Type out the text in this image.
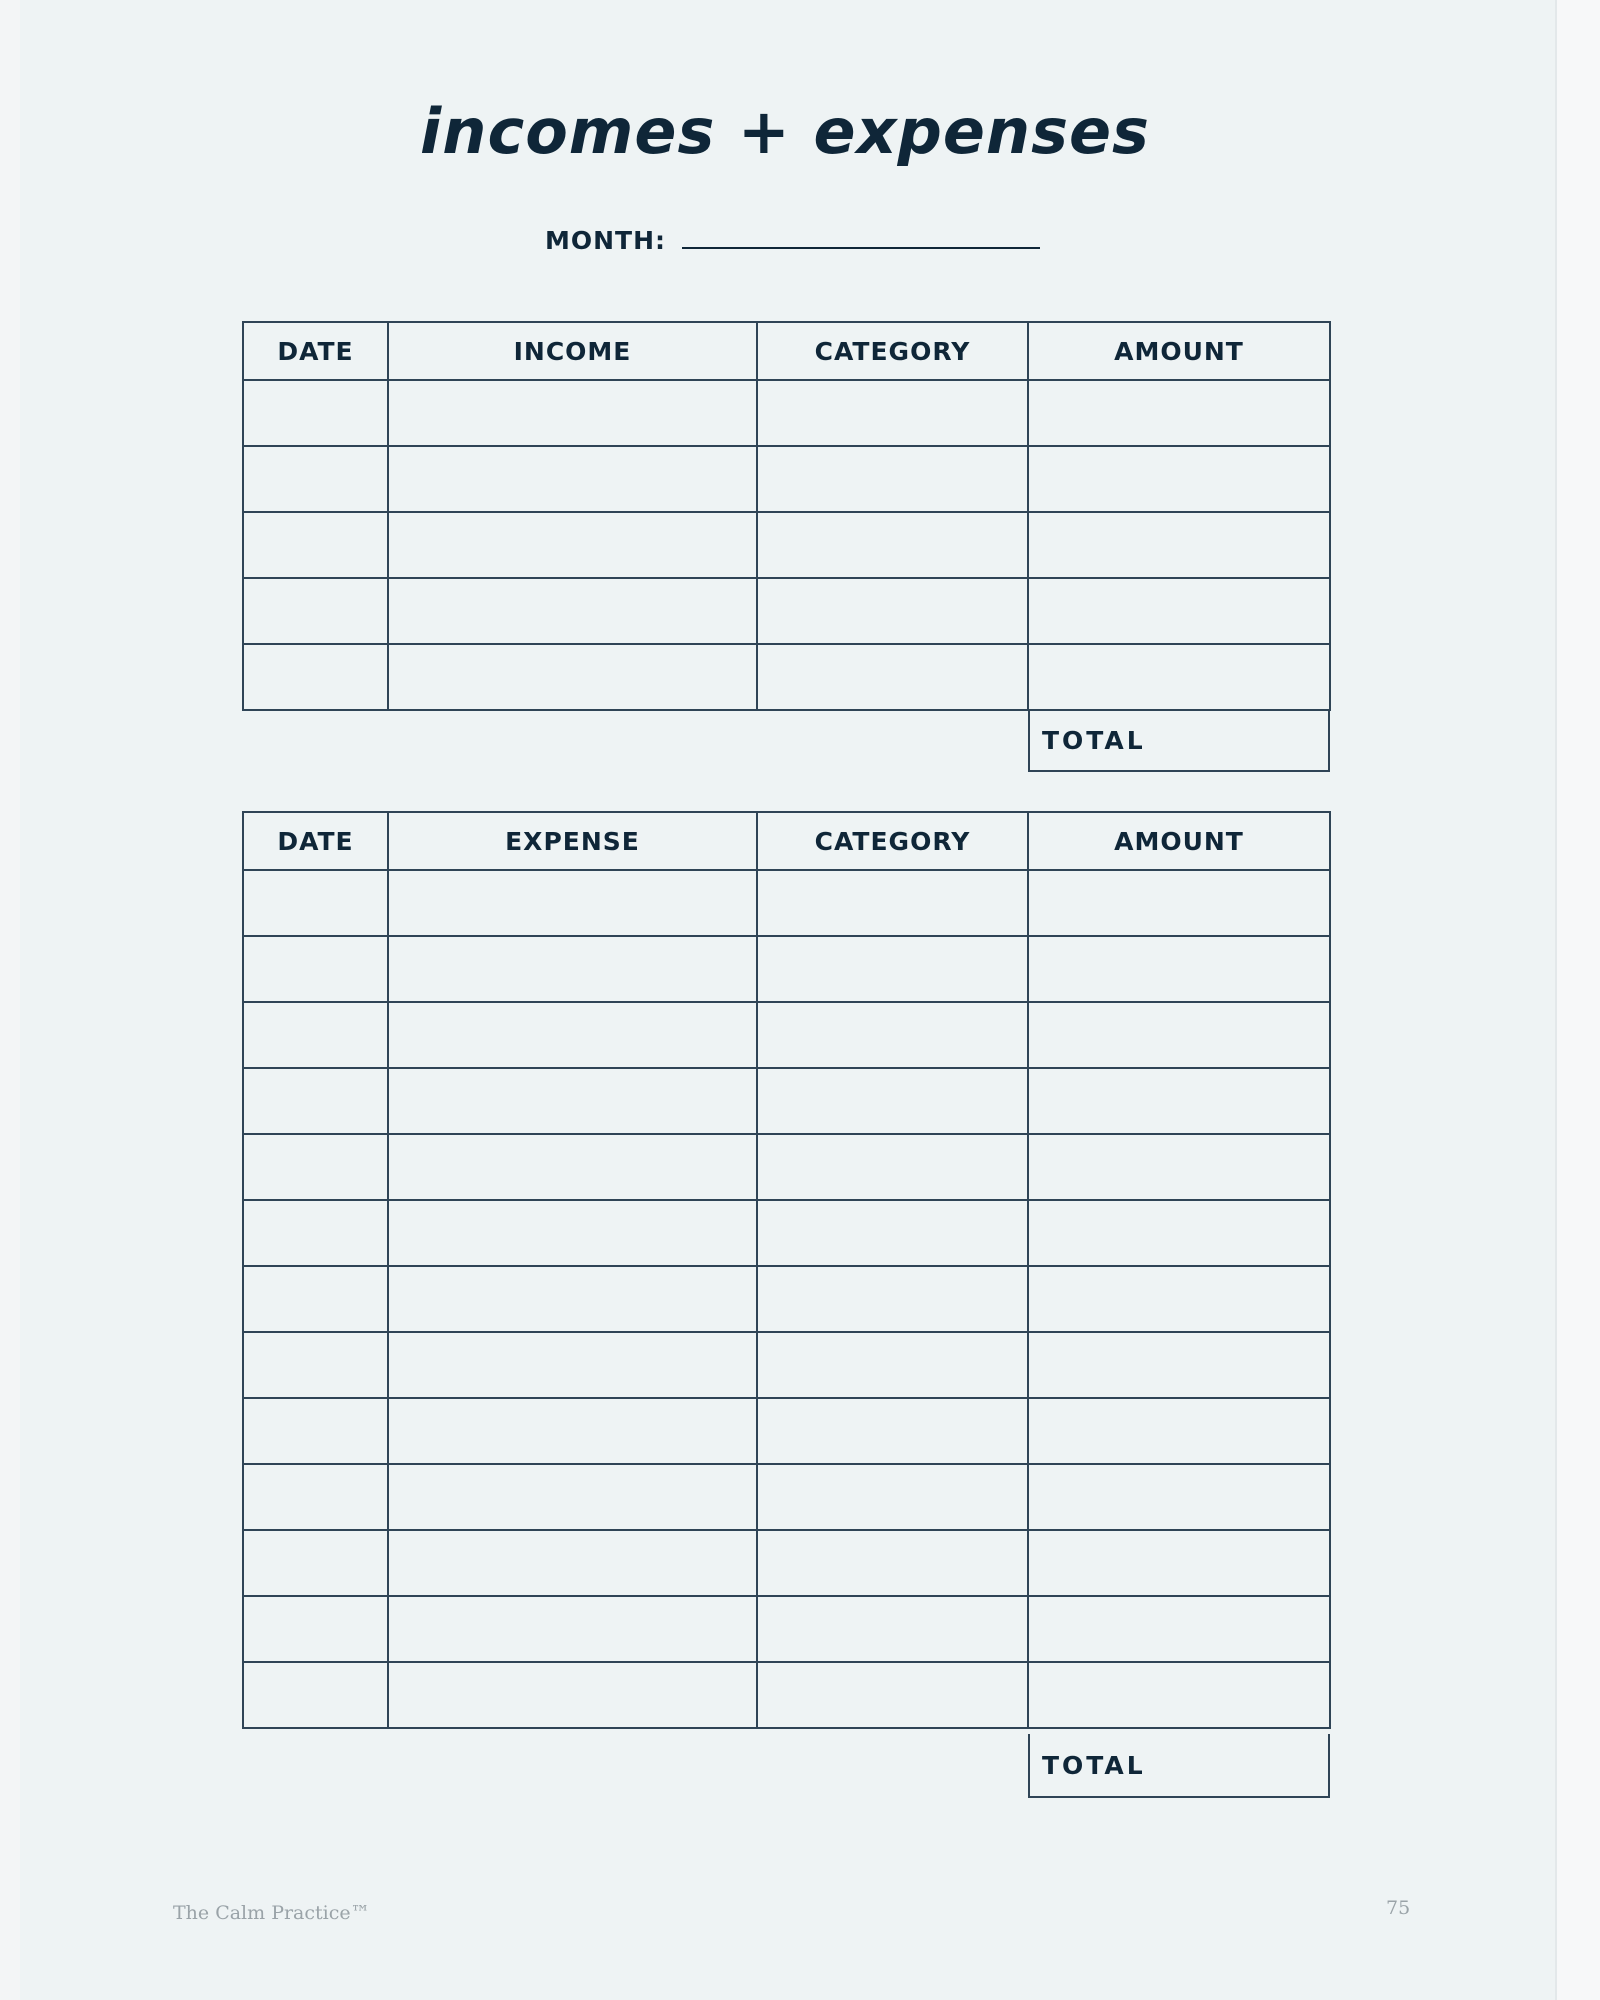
incomes + expenses
MONTH:
DATE	INCOME	CATEGORY	AMOUNT

TOTAL
DATE	EXPENSE	CATEGORY	AMOUNT

TOTAL
The Calm Practice™	75
